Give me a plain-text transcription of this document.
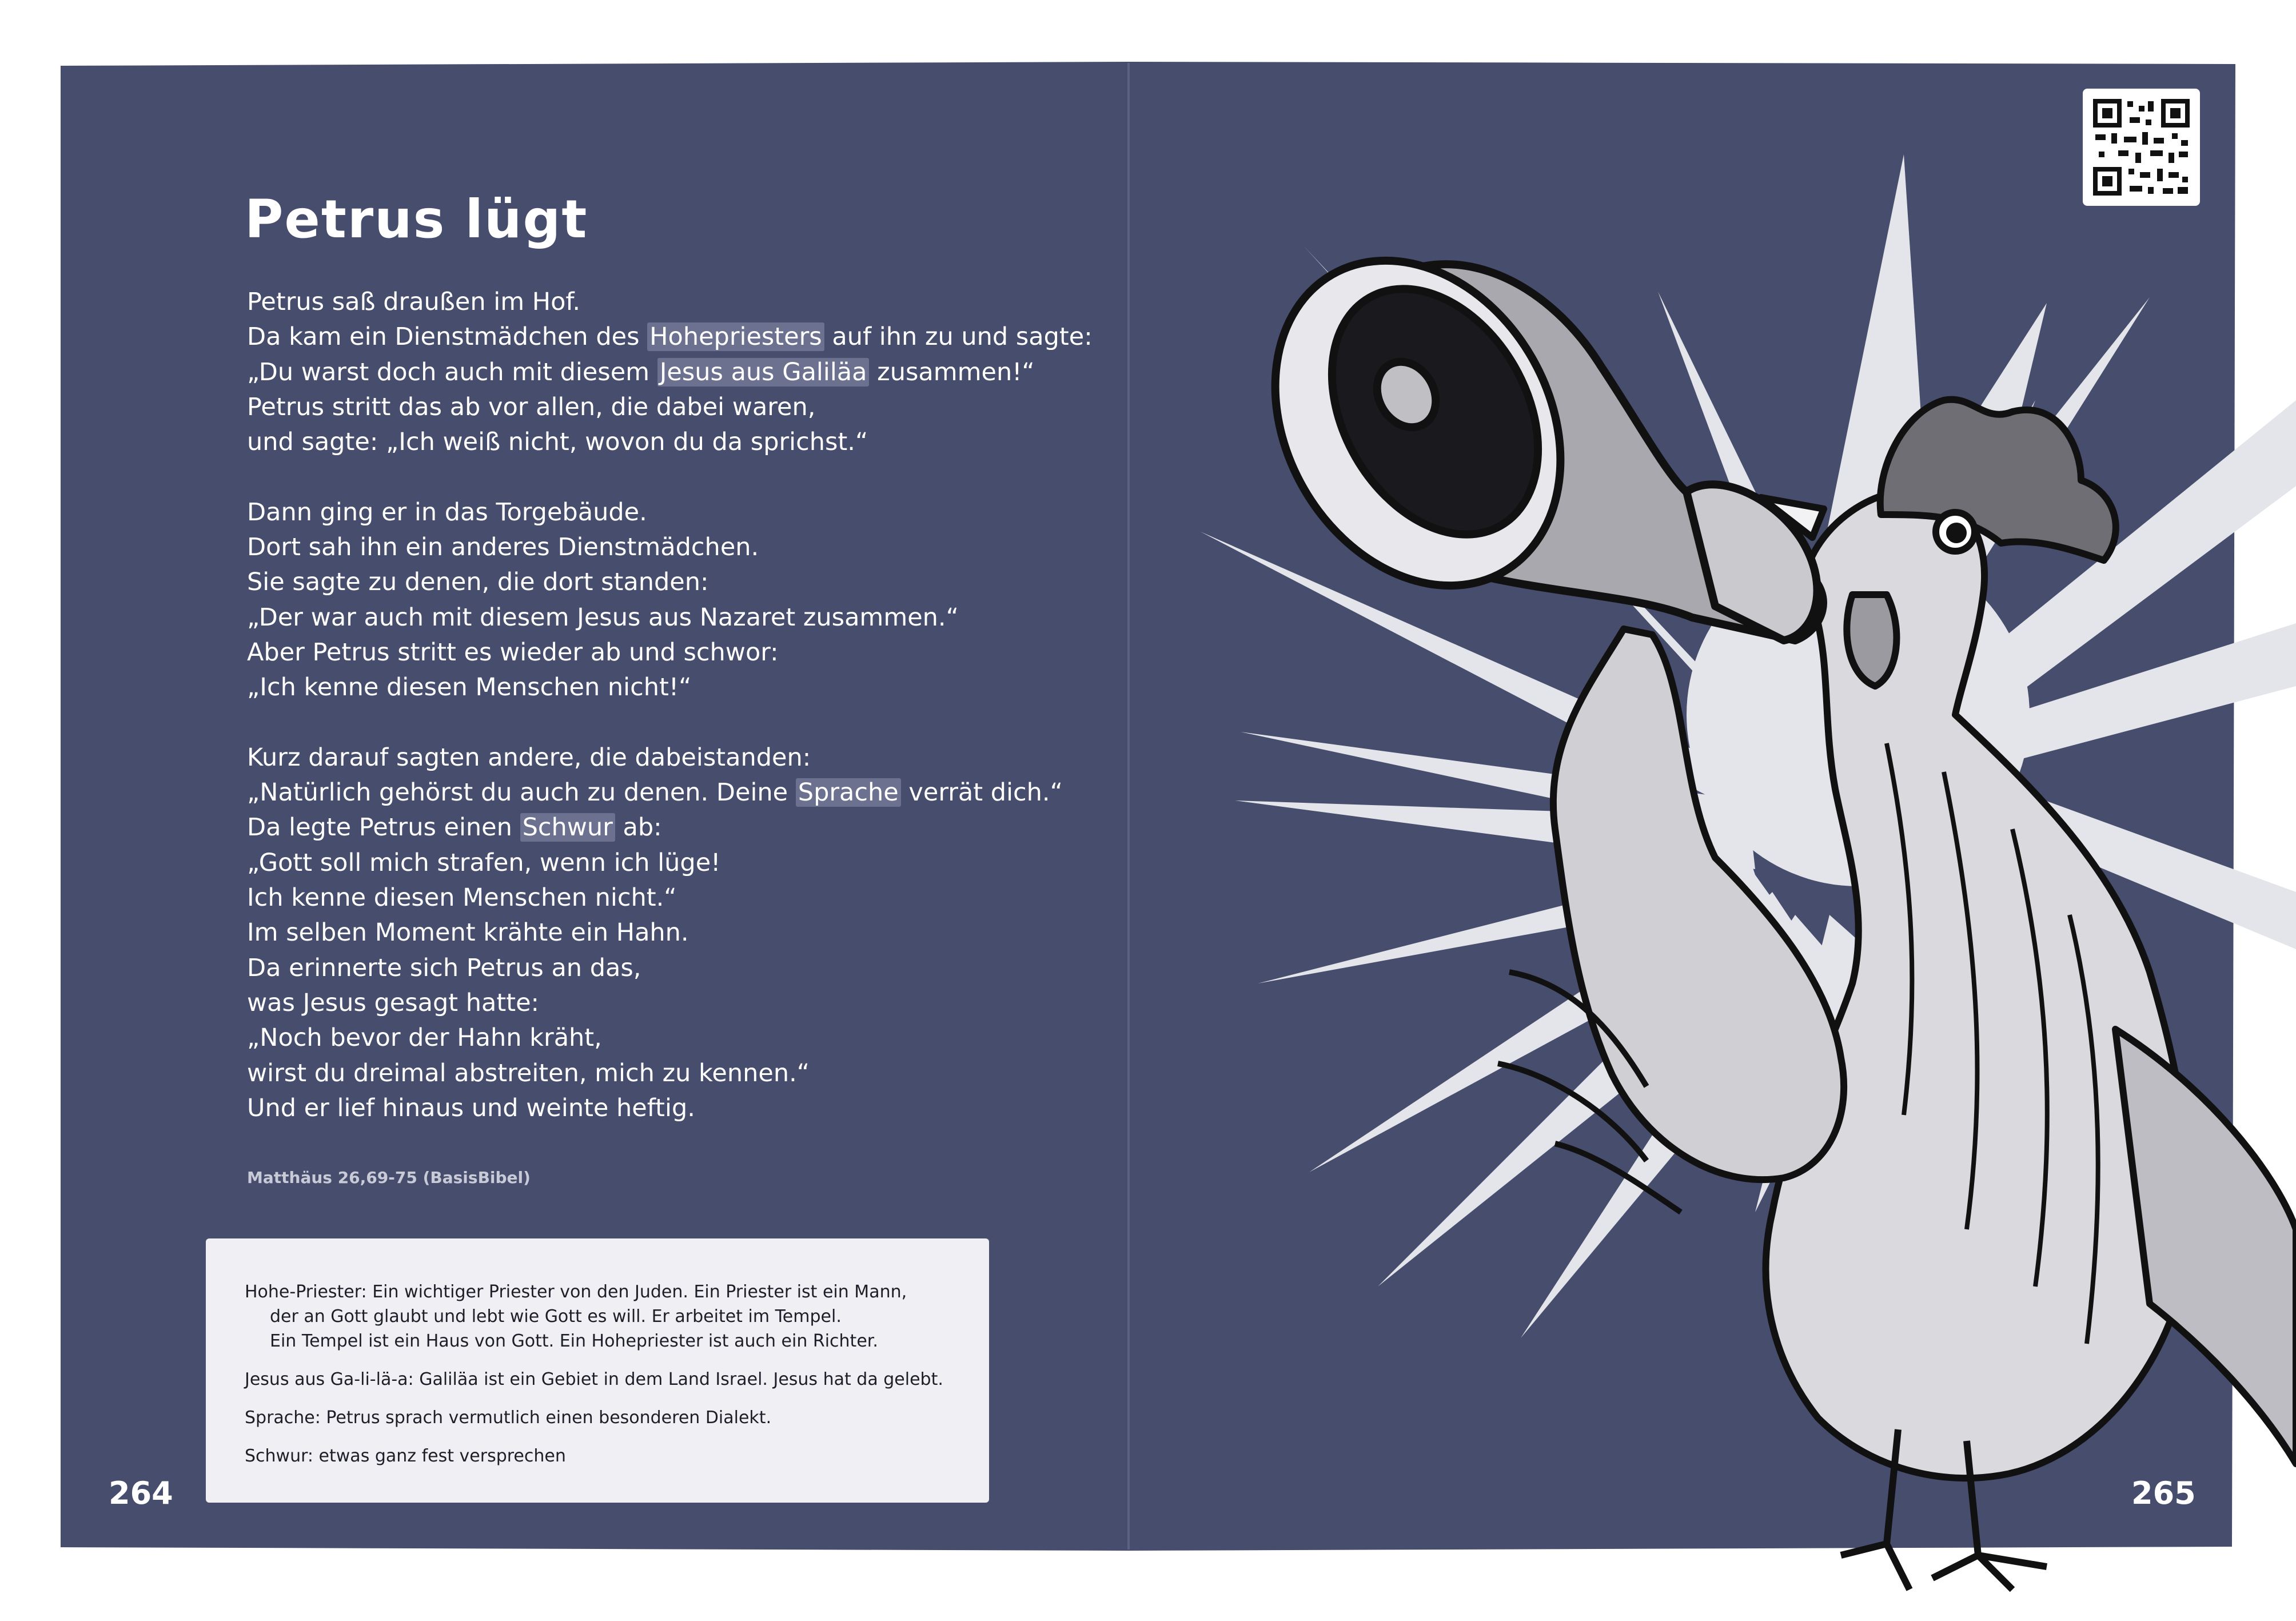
Petrus lügt
Petrus saß draußen im Hof.
Da kam ein Dienstmädchen des Hohepriesters auf ihn zu und sagte:
„Du warst doch auch mit diesem Jesus aus Galiläa zusammen!“
Petrus stritt das ab vor allen, die dabei waren,
und sagte: „Ich weiß nicht, wovon du da sprichst.“
Dann ging er in das Torgebäude.
Dort sah ihn ein anderes Dienstmädchen.
Sie sagte zu denen, die dort standen:
„Der war auch mit diesem Jesus aus Nazaret zusammen.“
Aber Petrus stritt es wieder ab und schwor:
„Ich kenne diesen Menschen nicht!“
Kurz darauf sagten andere, die dabeistanden:
„Natürlich gehörst du auch zu denen. Deine Sprache verrät dich.“
Da legte Petrus einen Schwur ab:
„Gott soll mich strafen, wenn ich lüge!
Ich kenne diesen Menschen nicht.“
Im selben Moment krähte ein Hahn.
Da erinnerte sich Petrus an das,
was Jesus gesagt hatte:
„Noch bevor der Hahn kräht,
wirst du dreimal abstreiten, mich zu kennen.“
Und er lief hinaus und weinte heftig.
Matthäus 26,69-75 (BasisBibel)
Hohe-Priester: Ein wichtiger Priester von den Juden. Ein Priester ist ein Mann,
der an Gott glaubt und lebt wie Gott es will. Er arbeitet im Tempel.
Ein Tempel ist ein Haus von Gott. Ein Hohepriester ist auch ein Richter.
Jesus aus Ga-li-lä-a: Galiläa ist ein Gebiet in dem Land Israel. Jesus hat da gelebt.
Sprache: Petrus sprach vermutlich einen besonderen Dialekt.
Schwur: etwas ganz fest versprechen
264	265
